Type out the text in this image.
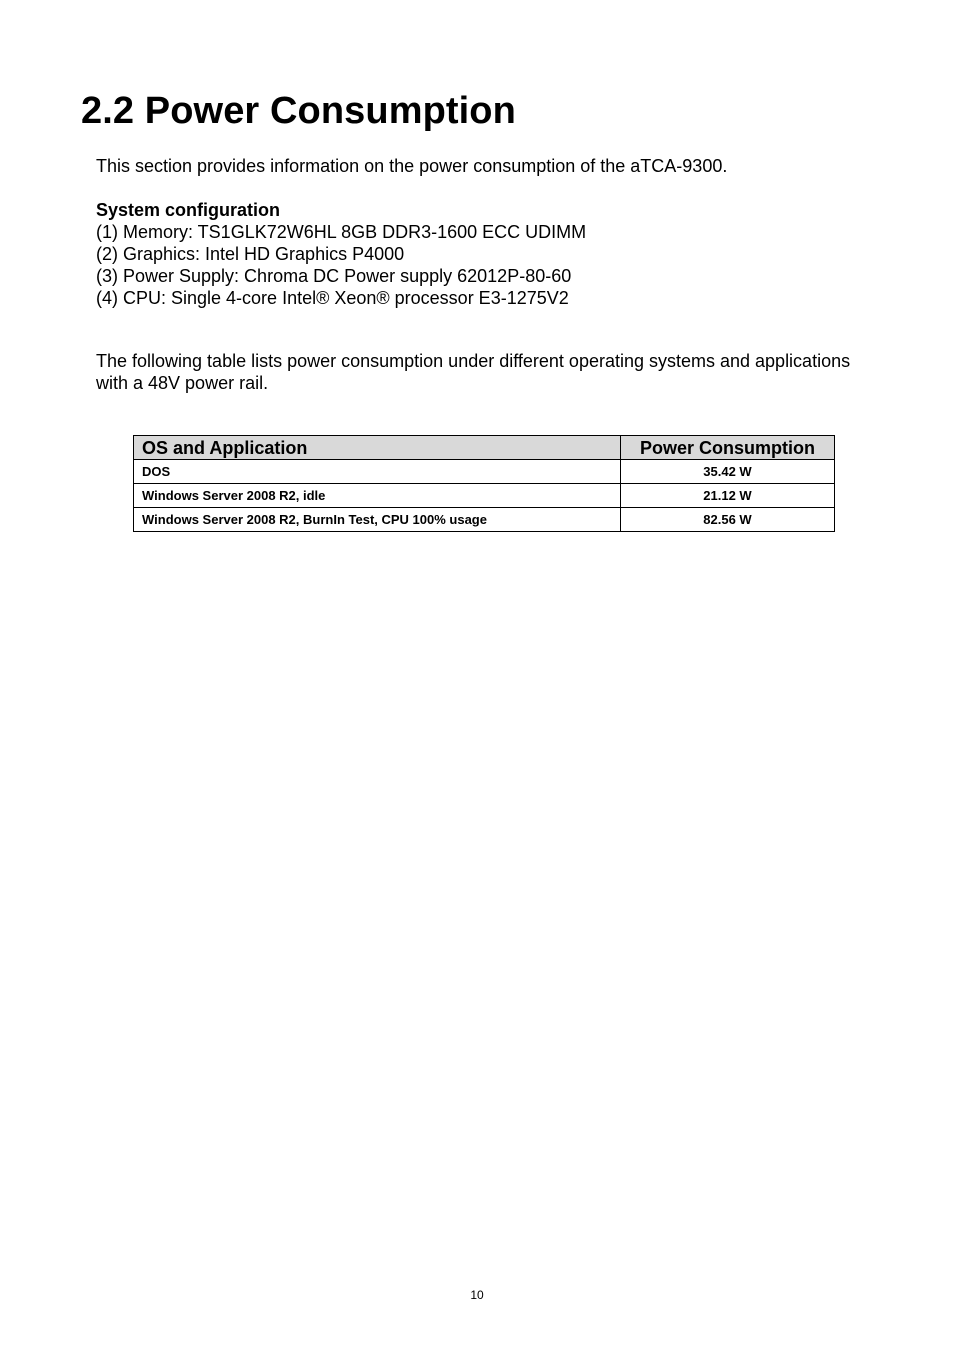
2.2 Power Consumption

This section provides information on the power consumption of the aTCA-9300.

System configuration
(1) Memory: TS1GLK72W6HL 8GB DDR3-1600 ECC UDIMM
(2) Graphics: Intel HD Graphics P4000
(3) Power Supply: Chroma DC Power supply 62012P-80-60
(4) CPU: Single 4-core Intel® Xeon® processor E3-1275V2

The following table lists power consumption under different operating systems and applications with a 48V power rail.

OS and Application	Power Consumption
DOS	35.42 W
Windows Server 2008 R2, idle	21.12 W
Windows Server 2008 R2, BurnIn Test, CPU 100% usage	82.56 W
10
